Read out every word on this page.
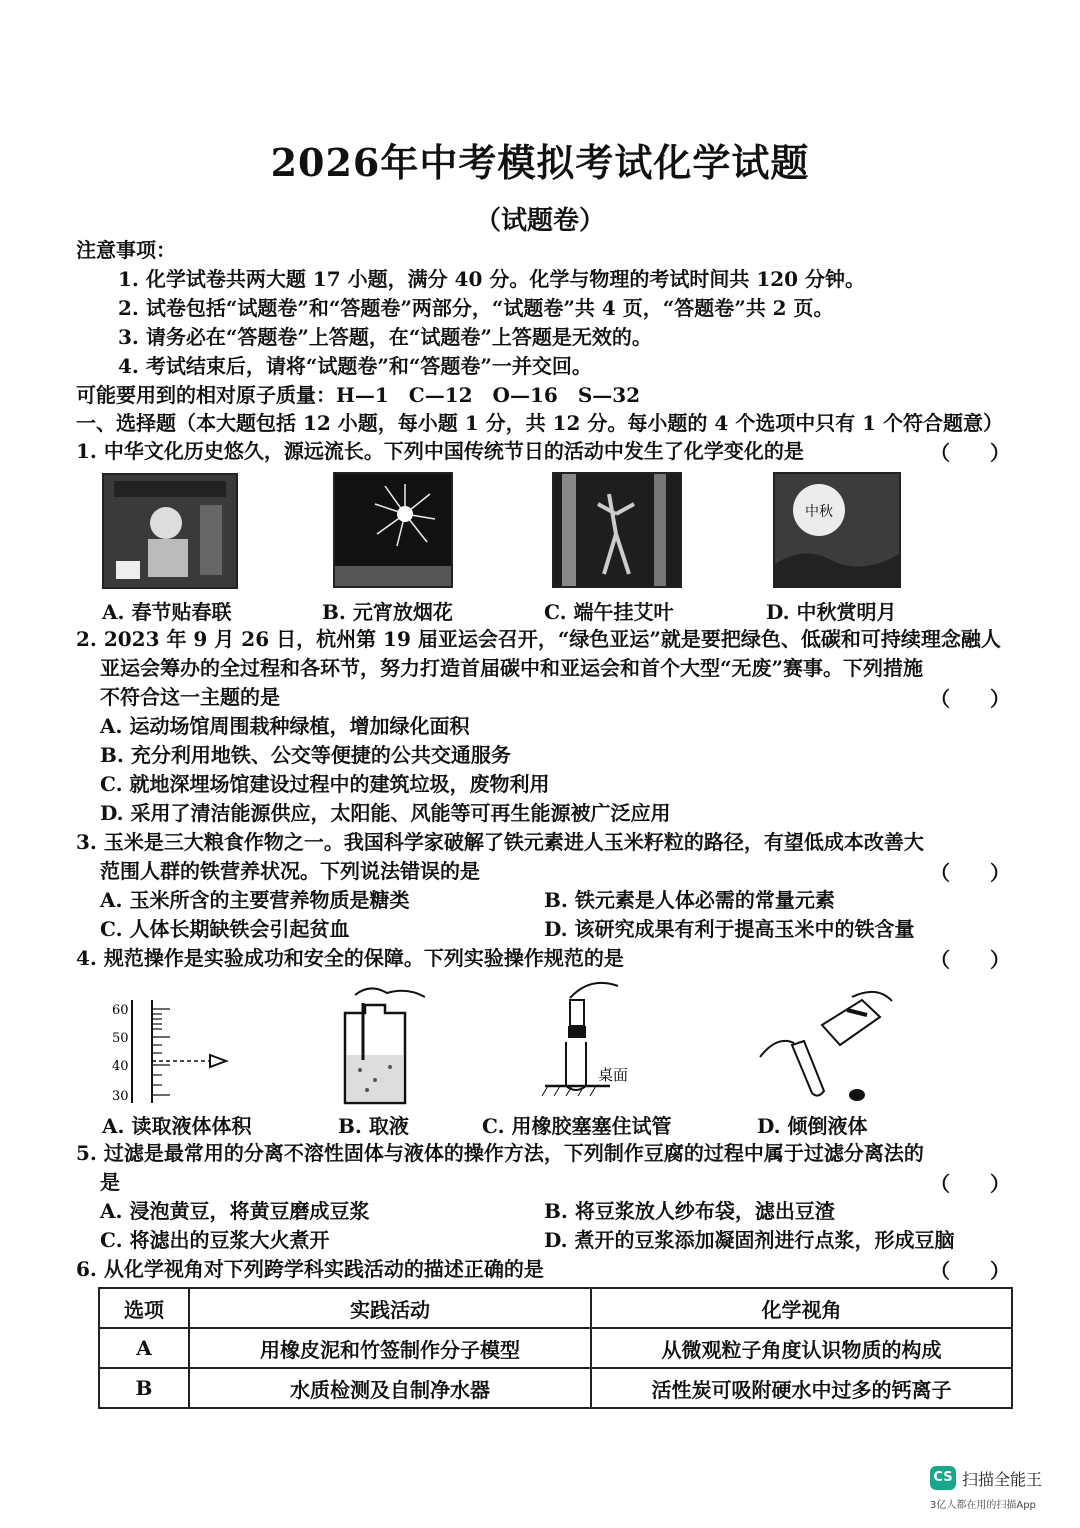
2026年中考模拟考试化学试题
（试题卷）
注意事项：
1. 化学试卷共两大题 17 小题，满分 40 分。化学与物理的考试时间共 120 分钟。
2. 试卷包括“试题卷”和“答题卷”两部分，“试题卷”共 4 页，“答题卷”共 2 页。
3. 请务必在“答题卷”上答题，在“试题卷”上答题是无效的。
4. 考试结束后，请将“试题卷”和“答题卷”一并交回。
可能要用到的相对原子质量：H—1　C—12　O—16　S—32
一、选择题（本大题包括 12 小题，每小题 1 分，共 12 分。每小题的 4 个选项中只有 1 个符合题意）
1. 中华文化历史悠久，源远流长。下列中国传统节日的活动中发生了化学变化的是	（　　）
中秋
A. 春节贴春联	B. 元宵放烟花	C. 端午挂艾叶	D. 中秋赏明月
2. 2023 年 9 月 26 日，杭州第 19 届亚运会召开，“绿色亚运”就是要把绿色、低碳和可持续理念融人
亚运会筹办的全过程和各环节，努力打造首届碳中和亚运会和首个大型“无废”赛事。下列措施
不符合这一主题的是	（　　）
A. 运动场馆周围栽种绿植，增加绿化面积
B. 充分利用地铁、公交等便捷的公共交通服务
C. 就地深埋场馆建设过程中的建筑垃圾，废物利用
D. 采用了清洁能源供应，太阳能、风能等可再生能源被广泛应用
3. 玉米是三大粮食作物之一。我国科学家破解了铁元素进人玉米籽粒的路径，有望低成本改善大
范围人群的铁营养状况。下列说法错误的是	（　　）
A. 玉米所含的主要营养物质是糖类	B. 铁元素是人体必需的常量元素
C. 人体长期缺铁会引起贫血	D. 该研究成果有利于提高玉米中的铁含量
4. 规范操作是实验成功和安全的保障。下列实验操作规范的是	（　　）
60
50
40
30
桌面
A. 读取液体体积	B. 取液	C. 用橡胶塞塞住试管	D. 倾倒液体
5. 过滤是最常用的分离不溶性固体与液体的操作方法，下列制作豆腐的过程中属于过滤分离法的
是	（　　）
A. 浸泡黄豆，将黄豆磨成豆浆	B. 将豆浆放人纱布袋，滤出豆渣
C. 将滤出的豆浆大火煮开	D. 煮开的豆浆添加凝固剂进行点浆，形成豆脑
6. 从化学视角对下列跨学科实践活动的描述正确的是	（　　）
选项	实践活动	化学视角
A	用橡皮泥和竹签制作分子模型	从微观粒子角度认识物质的构成
B	水质检测及自制净水器	活性炭可吸附硬水中过多的钙离子
CS 扫描全能王
3亿人都在用的扫描App
